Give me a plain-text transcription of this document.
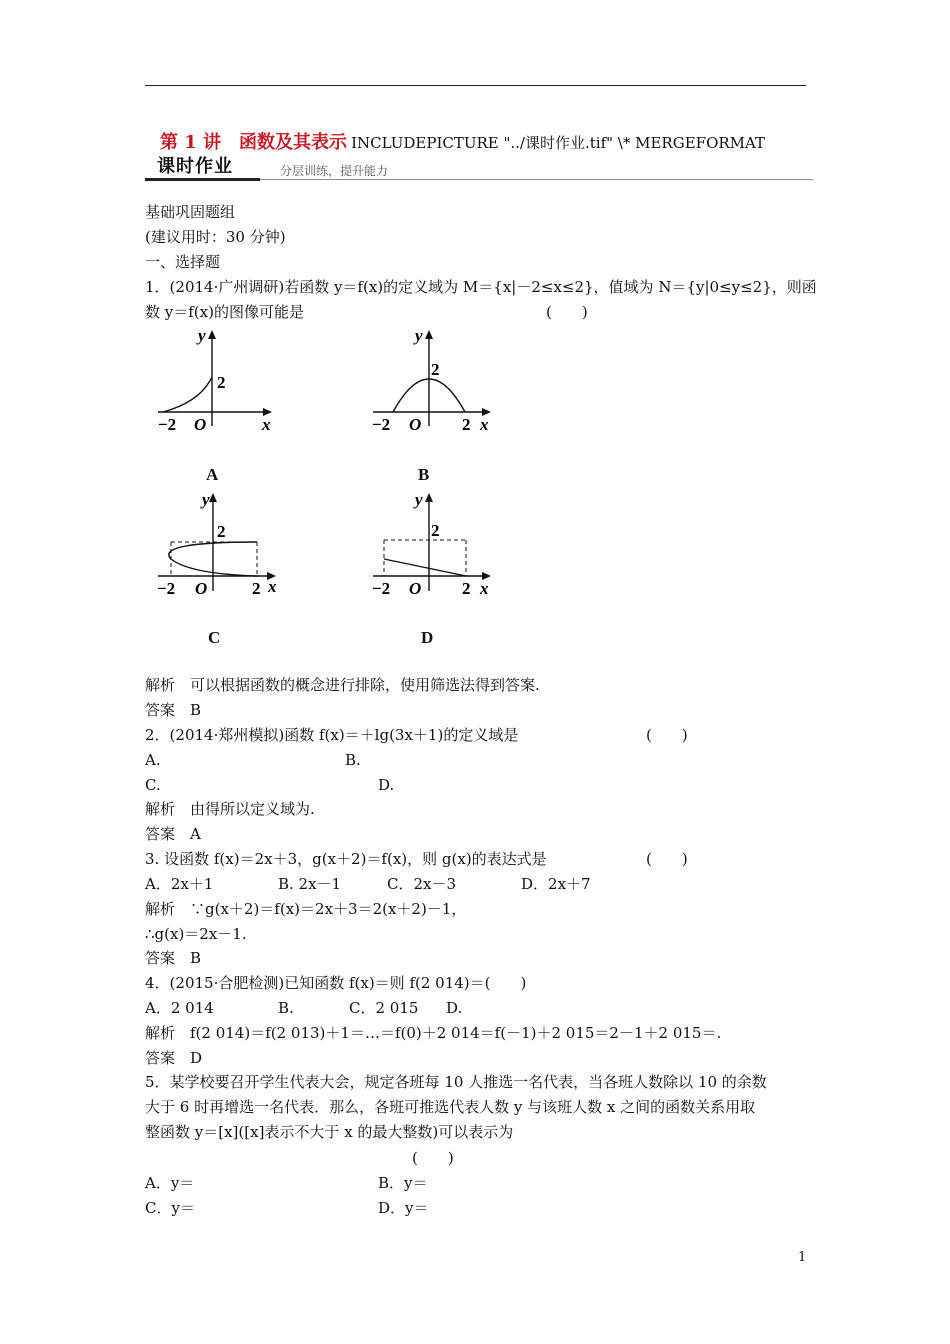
第 1 讲　函数及其表示 INCLUDEPICTURE "../课时作业.tif" \* MERGEFORMAT
课时作业	分层训练，提升能力
基础巩固题组
(建议用时：30 分钟)
一、选择题
1．(2014·广州调研)若函数 y＝f(x)的定义域为 M＝{x|－2≤x≤2}，值域为 N＝{y|0≤y≤2}，则函
数 y＝f(x)的图像可能是	(　　)
y
2
−2 O	x
A
y
2
−2 O 2 x
B
y
2
−2 O	2 x
C
y
2
−2 O 2 x
D
解析　可以根据函数的概念进行排除，使用筛选法得到答案.
答案　B
2．(2014·郑州模拟)函数 f(x)＝＋lg(3x＋1)的定义域是	(　　)
A.	B.
C.	D.
解析　由得所以定义域为.
答案　A
3. 设函数 f(x)＝2x＋3，g(x＋2)＝f(x)，则 g(x)的表达式是	(　　)
A．2x＋1	B. 2x－1	C．2x－3	D．2x＋7
解析　∵g(x＋2)＝f(x)＝2x＋3＝2(x＋2)－1，
∴g(x)＝2x－1.
答案　B
4．(2015·合肥检测)已知函数 f(x)＝则 f(2 014)＝(　　)
A．2 014	B.	C．2 015 D.
解析　f(2 014)＝f(2 013)＋1＝…＝f(0)＋2 014＝f(－1)＋2 015＝2－1＋2 015＝.
答案　D
5．某学校要召开学生代表大会，规定各班每 10 人推选一名代表，当各班人数除以 10 的余数
大于 6 时再增选一名代表．那么，各班可推选代表人数 y 与该班人数 x 之间的函数关系用取
整函数 y＝[x]([x]表示不大于 x 的最大整数)可以表示为
(　　)
A．y＝	B．y＝
C．y＝	D．y＝
1
